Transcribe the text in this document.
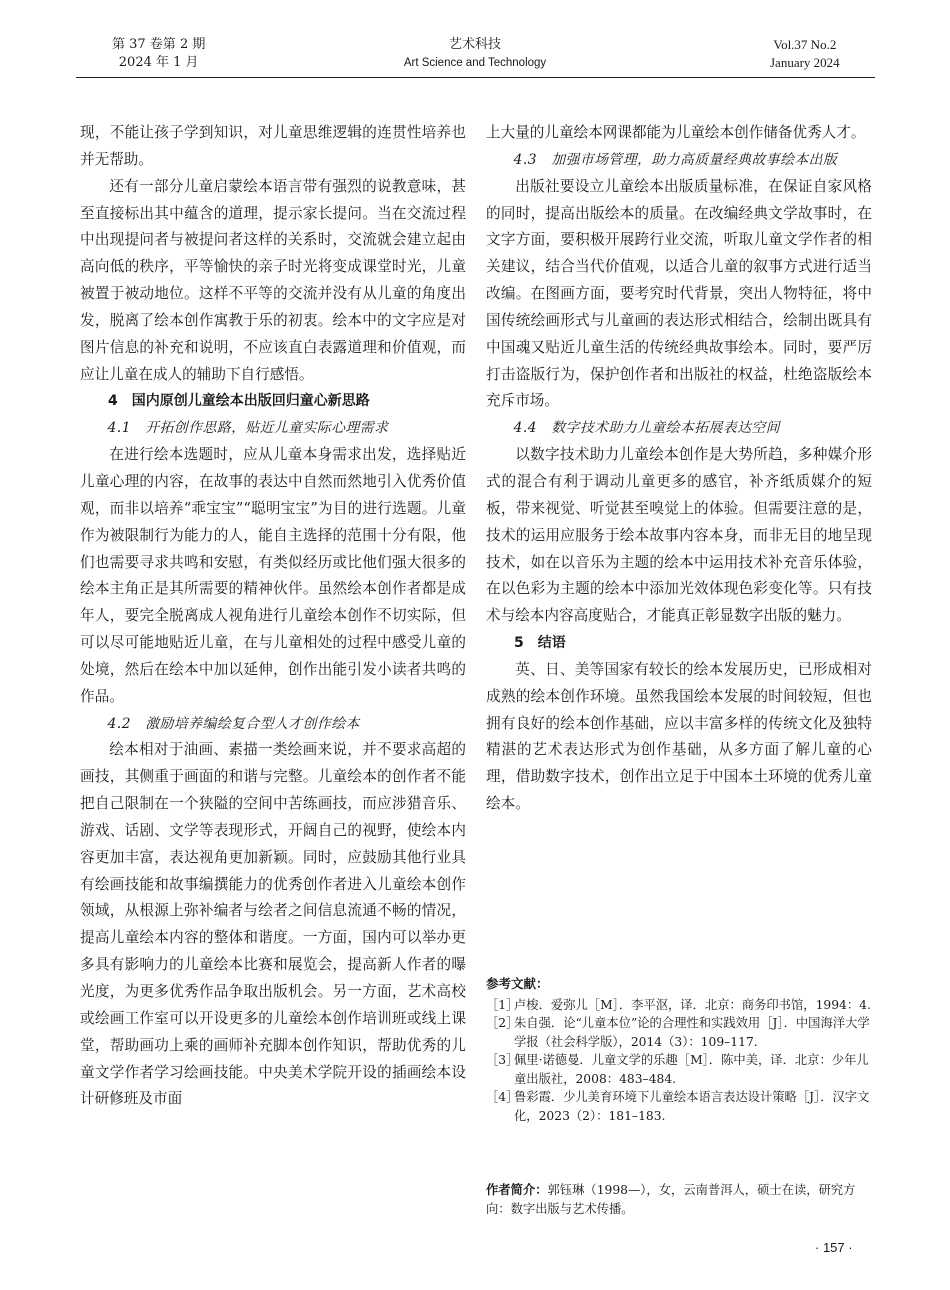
第 37 卷第 2 期
2024 年 1 月
艺术科技
Art Science and Technology
Vol.37 No.2
January 2024

现，不能让孩子学到知识，对儿童思维逻辑的连贯性培养也并无帮助。

还有一部分儿童启蒙绘本语言带有强烈的说教意味，甚至直接标出其中蕴含的道理，提示家长提问。当在交流过程中出现提问者与被提问者这样的关系时，交流就会建立起由高向低的秩序，平等愉快的亲子时光将变成课堂时光，儿童被置于被动地位。这样不平等的交流并没有从儿童的角度出发，脱离了绘本创作寓教于乐的初衷。绘本中的文字应是对图片信息的补充和说明，不应该直白表露道理和价值观，而应让儿童在成人的辅助下自行感悟。

4　国内原创儿童绘本出版回归童心新思路

4.1　开拓创作思路，贴近儿童实际心理需求

在进行绘本选题时，应从儿童本身需求出发，选择贴近儿童心理的内容，在故事的表达中自然而然地引入优秀价值观，而非以培养“乖宝宝”“聪明宝宝”为目的进行选题。儿童作为被限制行为能力的人，能自主选择的范围十分有限，他们也需要寻求共鸣和安慰，有类似经历或比他们强大很多的绘本主角正是其所需要的精神伙伴。虽然绘本创作者都是成年人，要完全脱离成人视角进行儿童绘本创作不切实际，但可以尽可能地贴近儿童，在与儿童相处的过程中感受儿童的处境，然后在绘本中加以延伸，创作出能引发小读者共鸣的作品。

4.2　激励培养编绘复合型人才创作绘本

绘本相对于油画、素描一类绘画来说，并不要求高超的画技，其侧重于画面的和谐与完整。儿童绘本的创作者不能把自己限制在一个狭隘的空间中苦练画技，而应涉猎音乐、游戏、话剧、文学等表现形式，开阔自己的视野，使绘本内容更加丰富，表达视角更加新颖。同时，应鼓励其他行业具有绘画技能和故事编撰能力的优秀创作者进入儿童绘本创作领域，从根源上弥补编者与绘者之间信息流通不畅的情况，提高儿童绘本内容的整体和谐度。一方面，国内可以举办更多具有影响力的儿童绘本比赛和展览会，提高新人作者的曝光度，为更多优秀作品争取出版机会。另一方面，艺术高校或绘画工作室可以开设更多的儿童绘本创作培训班或线上课堂，帮助画功上乘的画师补充脚本创作知识，帮助优秀的儿童文学作者学习绘画技能。中央美术学院开设的插画绘本设计研修班及市面

上大量的儿童绘本网课都能为儿童绘本创作储备优秀人才。

4.3　加强市场管理，助力高质量经典故事绘本出版

出版社要设立儿童绘本出版质量标准，在保证自家风格的同时，提高出版绘本的质量。在改编经典文学故事时，在文字方面，要积极开展跨行业交流，听取儿童文学作者的相关建议，结合当代价值观，以适合儿童的叙事方式进行适当改编。在图画方面，要考究时代背景，突出人物特征，将中国传统绘画形式与儿童画的表达形式相结合，绘制出既具有中国魂又贴近儿童生活的传统经典故事绘本。同时，要严厉打击盗版行为，保护创作者和出版社的权益，杜绝盗版绘本充斥市场。

4.4　数字技术助力儿童绘本拓展表达空间

以数字技术助力儿童绘本创作是大势所趋，多种媒介形式的混合有利于调动儿童更多的感官，补齐纸质媒介的短板，带来视觉、听觉甚至嗅觉上的体验。但需要注意的是，技术的运用应服务于绘本故事内容本身，而非无目的地呈现技术，如在以音乐为主题的绘本中运用技术补充音乐体验，在以色彩为主题的绘本中添加光效体现色彩变化等。只有技术与绘本内容高度贴合，才能真正彰显数字出版的魅力。

5　结语

英、日、美等国家有较长的绘本发展历史，已形成相对成熟的绘本创作环境。虽然我国绘本发展的时间较短，但也拥有良好的绘本创作基础，应以丰富多样的传统文化及独特精湛的艺术表达形式为创作基础，从多方面了解儿童的心理，借助数字技术，创作出立足于中国本土环境的优秀儿童绘本。

参考文献：

［1］
卢梭．爱弥儿［M］．李平沤，译．北京：商务印书馆，1994：4.
［2］
朱自强．论“儿童本位”论的合理性和实践效用［J］．中国海洋大学学报（社会科学版），2014（3）：109–117.
［3］
佩里·诺德曼．儿童文学的乐趣［M］．陈中美，译．北京：少年儿童出版社，2008：483–484.
［4］
鲁彩霞．少儿美育环境下儿童绘本语言表达设计策略［J］．汉字文化，2023（2）：181–183.

作者简介：郭钰琳（1998—），女，云南普洱人，硕士在读，研究方向：数字出版与艺术传播。

· 157 ·
